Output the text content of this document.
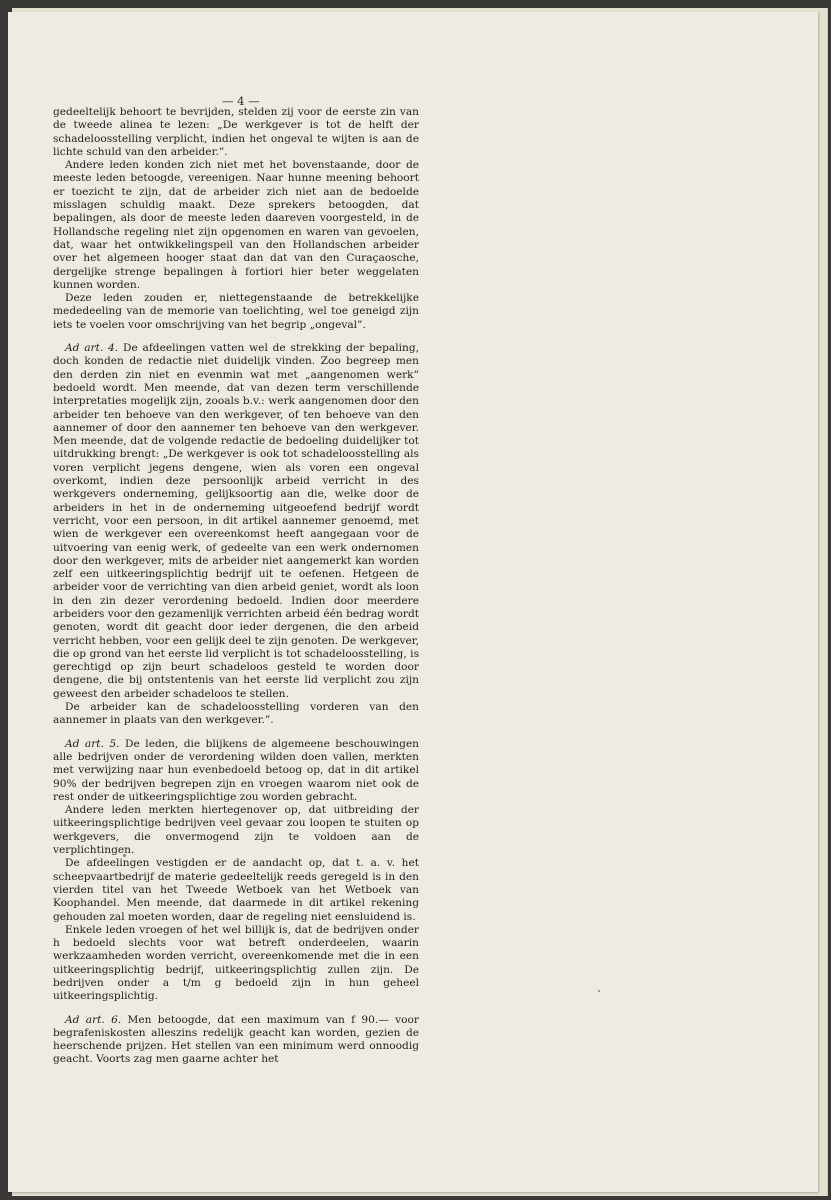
— 4 —

gedeeltelijk behoort te bevrijden, stelden zij voor de eerste zin van de tweede alinea te lezen: „De werkgever is tot de helft der schadeloosstelling verplicht, indien het ongeval te wijten is aan de lichte schuld van den arbeider.”.

Andere leden konden zich niet met het bovenstaande, door de meeste leden betoogde, vereenigen. Naar hunne meening behoort er toezicht te zijn, dat de arbeider zich niet aan de bedoelde misslagen schuldig maakt. Deze sprekers betoogden, dat bepalingen, als door de meeste leden daareven voorgesteld, in de Hollandsche regeling niet zijn opgenomen en waren van gevoelen, dat, waar het ontwikkelingspeil van den Hollandschen arbeider over het algemeen hooger staat dan dat van den Curaçaosche, dergelijke strenge bepalingen à fortiori hier beter weggelaten kunnen worden.

Deze leden zouden er, niettegenstaande de betrekkelijke mededeeling van de memorie van toelichting, wel toe geneigd zijn iets te voelen voor omschrijving van het begrip „ongeval”.

Ad art. 4. De afdeelingen vatten wel de strekking der bepaling, doch konden de redactie niet duidelijk vinden. Zoo begreep men den derden zin niet en evenmin wat met „aangenomen werk” bedoeld wordt. Men meende, dat van dezen term verschillende interpretaties mogelijk zijn, zooals b.v.: werk aangenomen door den arbeider ten behoeve van den werkgever, of ten behoeve van den aannemer of door den aannemer ten behoeve van den werkgever. Men meende, dat de volgende redactie de bedoeling duidelijker tot uitdrukking brengt: „De werkgever is ook tot schadeloosstelling als voren verplicht jegens dengene, wien als voren een ongeval overkomt, indien deze persoonlijk arbeid verricht in des werkgevers onderneming, gelijksoortig aan die, welke door de arbeiders in het in de onderneming uitgeoefend bedrijf wordt verricht, voor een persoon, in dit artikel aannemer genoemd, met wien de werkgever een overeenkomst heeft aangegaan voor de uitvoering van eenig werk, of gedeelte van een werk ondernomen door den werkgever, mits de arbeider niet aangemerkt kan worden zelf een uitkeeringsplichtig bedrijf uit te oefenen. Hetgeen de arbeider voor de verrichting van dien arbeid geniet, wordt als loon in den zin dezer verordening bedoeld. Indien door meerdere arbeiders voor den gezamenlijk verrichten arbeid één bedrag wordt genoten, wordt dit geacht door ieder dergenen, die den arbeid verricht hebben, voor een gelijk deel te zijn genoten. De werkgever, die op grond van het eerste lid verplicht is tot schadeloosstelling, is gerechtigd op zijn beurt schadeloos gesteld te worden door dengene, die bij ontstentenis van het eerste lid verplicht zou zijn geweest den arbeider schadeloos te stellen.

De arbeider kan de schadeloosstelling vorderen van den aannemer in plaats van den werkgever.”.

Ad art. 5. De leden, die blijkens de algemeene beschouwingen alle bedrijven onder de verordening wilden doen vallen, merkten met verwijzing naar hun evenbedoeld betoog op, dat in dit artikel 90% der bedrijven begrepen zijn en vroegen waarom niet ook de rest onder de uitkeeringsplichtige zou worden gebracht.

Andere leden merkten hiertegenover op, dat uitbreiding der uitkeeringsplichtige bedrijven veel gevaar zou loopen te stuiten op werkgevers, die onvermogend zijn te voldoen aan de verplichtingen.

De afdeelingen vestigden er de aandacht op, dat t. a. v. het scheepvaartbedrijf de materie gedeeltelijk reeds geregeld is in den vierden titel van het Tweede Wetboek van het Wetboek van Koophandel. Men meende, dat daarmede in dit artikel rekening gehouden zal moeten worden, daar de regeling niet eensluidend is.

Enkele leden vroegen of het wel billijk is, dat de bedrijven onder h bedoeld slechts voor wat betreft onderdeelen, waarin werkzaamheden worden verricht, overeenkomende met die in een uitkeeringsplichtig bedrijf, uitkeeringsplichtig zullen zijn. De bedrijven onder a t/m g bedoeld zijn in hun geheel uitkeeringsplichtig.

Ad art. 6. Men betoogde, dat een maximum van f 90.— voor begrafeniskosten alleszins redelijk geacht kan worden, gezien de heerschende prijzen. Het stellen van een minimum werd onnoodig geacht. Voorts zag men gaarne achter het
